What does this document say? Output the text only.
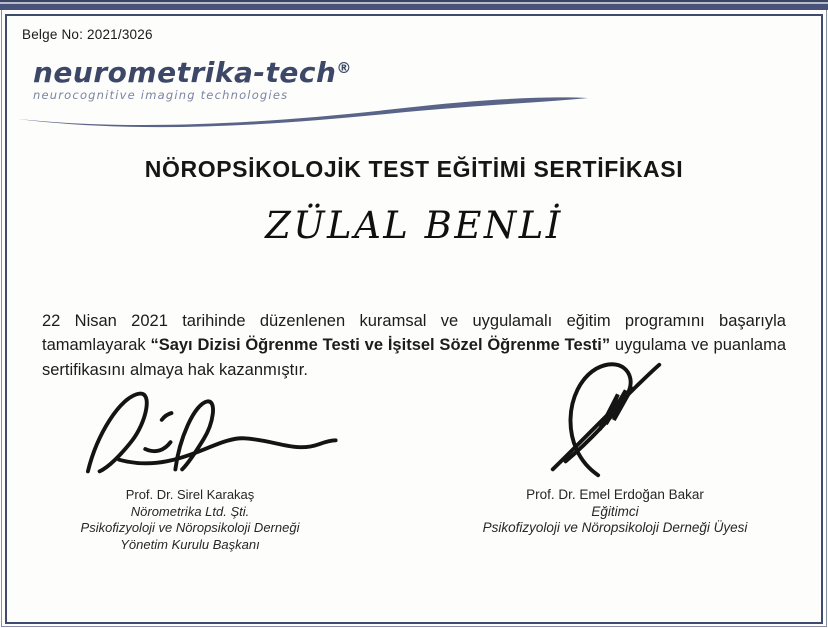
Belge No: 2021/3026
neurometrika-tech®
neurocognitive imaging technologies
NÖROPSİKOLOJİK TEST EĞİTİMİ SERTİFİKASI
ZÜLAL BENLİ

22 Nisan 2021 tarihinde düzenlenen kuramsal ve uygulamalı eğitim programını başarıyla tamamlayarak “Sayı Dizisi Öğrenme Testi ve İşitsel Sözel Öğrenme Testi” uygulama ve puanlama sertifikasını almaya hak kazanmıştır.

Prof. Dr. Sirel Karakaş
Nörometrika Ltd. Şti.
Psikofizyoloji ve Nöropsikoloji Derneği
Yönetim Kurulu Başkanı
Prof. Dr. Emel Erdoğan Bakar
Eğitimci
Psikofizyoloji ve Nöropsikoloji Derneği Üyesi
